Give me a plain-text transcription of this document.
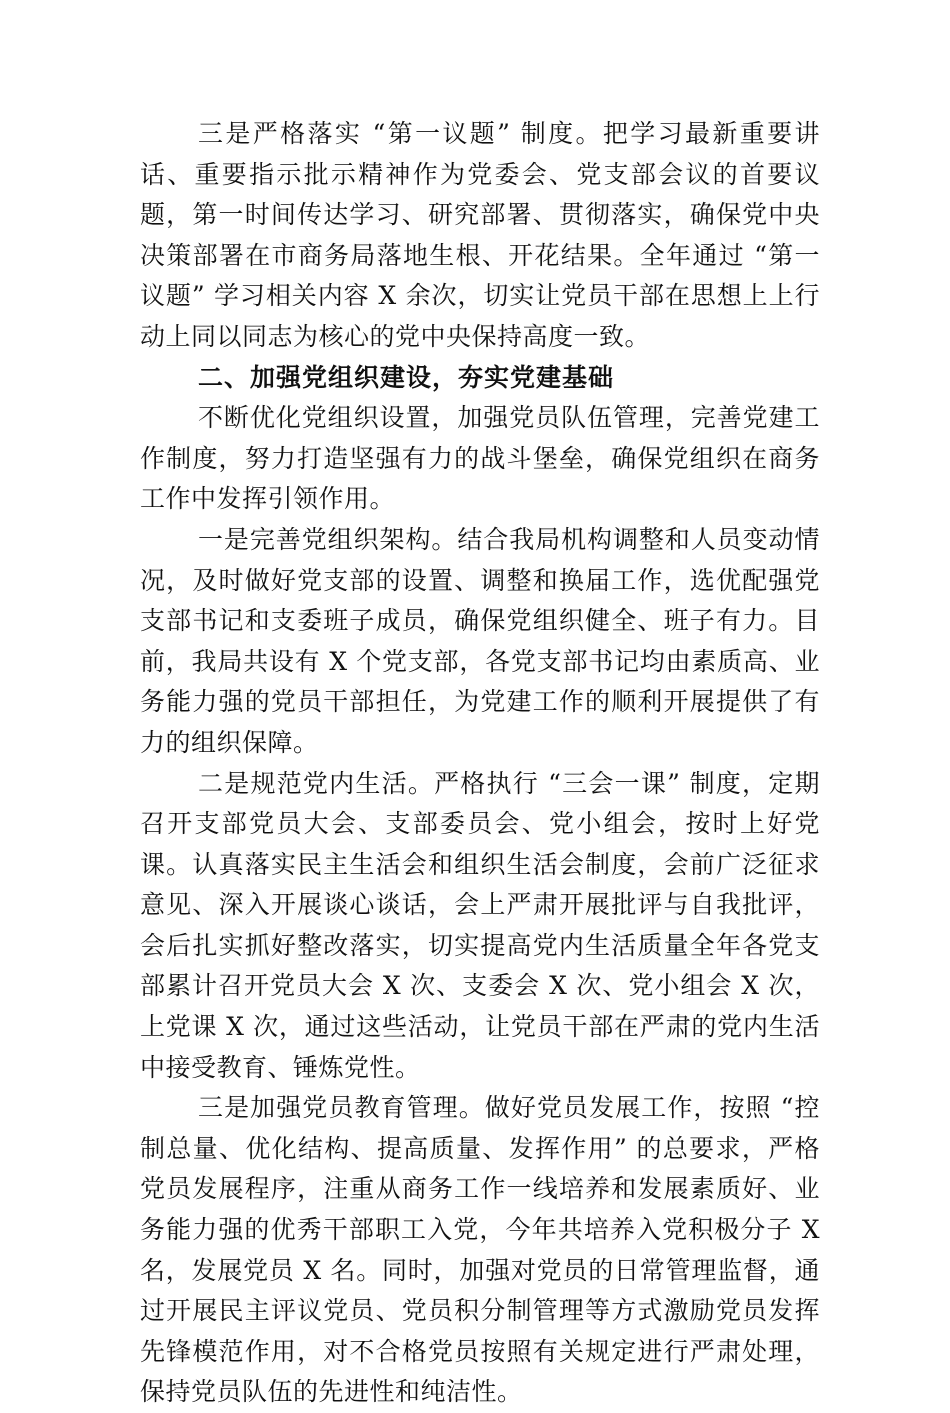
三是严格落实 “第一议题” 制度。把学习最新重要讲话、重要指示批示精神作为党委会、党支部会议的首要议题，第一时间传达学习、研究部署、贯彻落实，确保党中央决策部署在市商务局落地生根、开花结果。全年通过 “第一议题” 学习相关内容 X 余次，切实让党员干部在思想上上行动上同以同志为核心的党中央保持高度一致。

二、加强党组织建设，夯实党建基础

不断优化党组织设置，加强党员队伍管理，完善党建工作制度，努力打造坚强有力的战斗堡垒，确保党组织在商务工作中发挥引领作用。

一是完善党组织架构。结合我局机构调整和人员变动情况，及时做好党支部的设置、调整和换届工作，选优配强党支部书记和支委班子成员，确保党组织健全、班子有力。目前，我局共设有 X 个党支部，各党支部书记均由素质高、业务能力强的党员干部担任，为党建工作的顺利开展提供了有力的组织保障。

二是规范党内生活。严格执行 “三会一课” 制度，定期召开支部党员大会、支部委员会、党小组会，按时上好党课。认真落实民主生活会和组织生活会制度，会前广泛征求意见、深入开展谈心谈话，会上严肃开展批评与自我批评，会后扎实抓好整改落实，切实提高党内生活质量全年各党支部累计召开党员大会 X 次、支委会 X 次、党小组会 X 次，上党课 X 次，通过这些活动，让党员干部在严肃的党内生活中接受教育、锤炼党性。

三是加强党员教育管理。做好党员发展工作，按照 “控制总量、优化结构、提高质量、发挥作用” 的总要求，严格党员发展程序，注重从商务工作一线培养和发展素质好、业务能力强的优秀干部职工入党，今年共培养入党积极分子 X 名，发展党员 X 名。同时，加强对党员的日常管理监督，通过开展民主评议党员、党员积分制管理等方式激励党员发挥先锋模范作用，对不合格党员按照有关规定进行严肃处理，保持党员队伍的先进性和纯洁性。
